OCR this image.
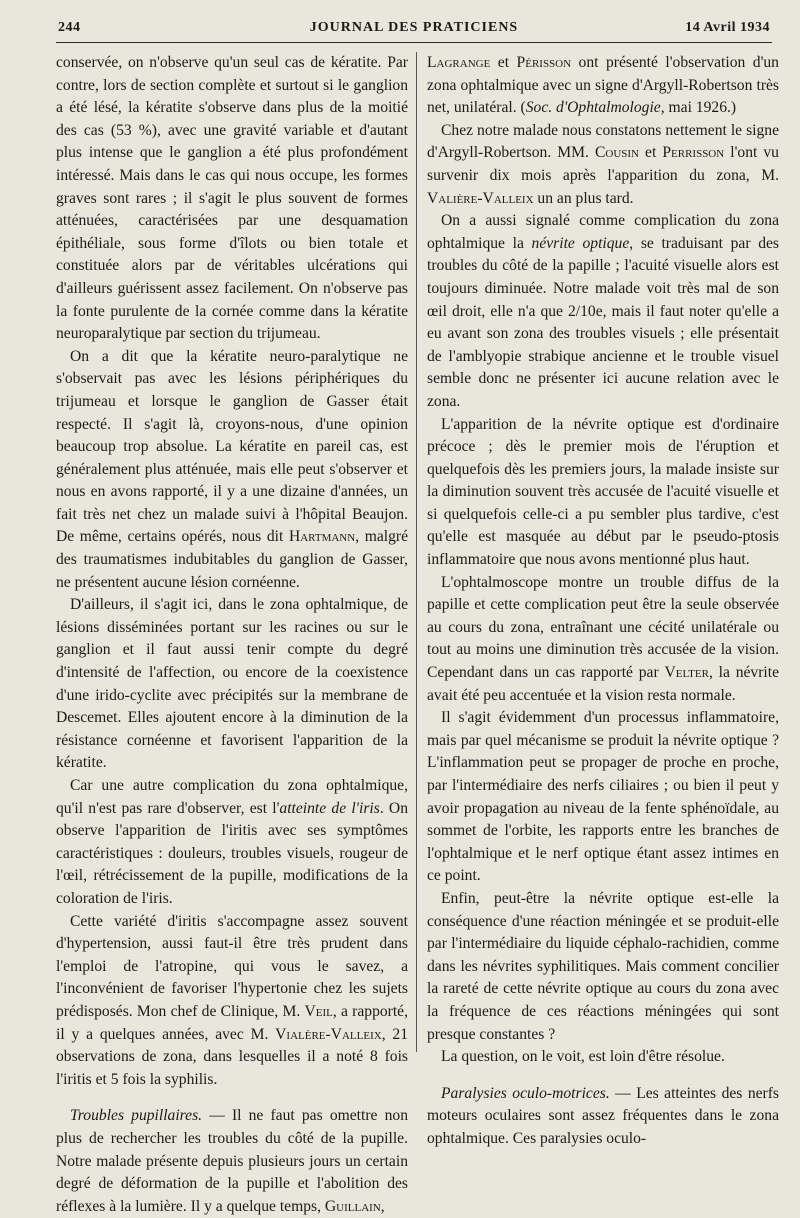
244	JOURNAL DES PRATICIENS	14 Avril 1934

conservée, on n'observe qu'un seul cas de kératite. Par contre, lors de section complète et surtout si le ganglion a été lésé, la kératite s'observe dans plus de la moitié des cas (53 %), avec une gravité variable et d'autant plus intense que le ganglion a été plus profondément intéressé. Mais dans le cas qui nous occupe, les formes graves sont rares ; il s'agit le plus souvent de formes atténuées, caractérisées par une desquamation épithéliale, sous forme d'îlots ou bien totale et constituée alors par de véritables ulcérations qui d'ailleurs guérissent assez facilement. On n'observe pas la fonte purulente de la cornée comme dans la kératite neuroparalytique par section du trijumeau.

On a dit que la kératite neuro-paralytique ne s'observait pas avec les lésions périphériques du trijumeau et lorsque le ganglion de Gasser était respecté. Il s'agit là, croyons-nous, d'une opinion beaucoup trop absolue. La kératite en pareil cas, est généralement plus atténuée, mais elle peut s'observer et nous en avons rapporté, il y a une dizaine d'années, un fait très net chez un malade suivi à l'hôpital Beaujon. De même, certains opérés, nous dit Hartmann, malgré des traumatismes indubitables du ganglion de Gasser, ne présentent aucune lésion cornéenne.

D'ailleurs, il s'agit ici, dans le zona ophtalmique, de lésions disséminées portant sur les racines ou sur le ganglion et il faut aussi tenir compte du degré d'intensité de l'affection, ou encore de la coexistence d'une irido-cyclite avec précipités sur la membrane de Descemet. Elles ajoutent encore à la diminution de la résistance cornéenne et favorisent l'apparition de la kératite.

Car une autre complication du zona ophtalmique, qu'il n'est pas rare d'observer, est l'atteinte de l'iris. On observe l'apparition de l'iritis avec ses symptômes caractéristiques : douleurs, troubles visuels, rougeur de l'œil, rétrécissement de la pupille, modifications de la coloration de l'iris.

Cette variété d'iritis s'accompagne assez souvent d'hypertension, aussi faut-il être très prudent dans l'emploi de l'atropine, qui vous le savez, a l'inconvénient de favoriser l'hypertonie chez les sujets prédisposés. Mon chef de Clinique, M. Veil, a rapporté, il y a quelques années, avec M. Vialère-Valleix, 21 observations de zona, dans lesquelles il a noté 8 fois l'iritis et 5 fois la syphilis.

Troubles pupillaires. — Il ne faut pas omettre non plus de rechercher les troubles du côté de la pupille. Notre malade présente depuis plusieurs jours un certain degré de déformation de la pupille et l'abolition des réflexes à la lumière. Il y a quelque temps, Guillain,

Lagrange et Périsson ont présenté l'observation d'un zona ophtalmique avec un signe d'Argyll-Robertson très net, unilatéral. (Soc. d'Ophtalmologie, mai 1926.)

Chez notre malade nous constatons nettement le signe d'Argyll-Robertson. MM. Cousin et Perrisson l'ont vu survenir dix mois après l'apparition du zona, M. Valière-Valleix un an plus tard.

On a aussi signalé comme complication du zona ophtalmique la névrite optique, se traduisant par des troubles du côté de la papille ; l'acuité visuelle alors est toujours diminuée. Notre malade voit très mal de son œil droit, elle n'a que 2/10e, mais il faut noter qu'elle a eu avant son zona des troubles visuels ; elle présentait de l'amblyopie strabique ancienne et le trouble visuel semble donc ne présenter ici aucune relation avec le zona.

L'apparition de la névrite optique est d'ordinaire précoce ; dès le premier mois de l'éruption et quelquefois dès les premiers jours, la malade insiste sur la diminution souvent très accusée de l'acuité visuelle et si quelquefois celle-ci a pu sembler plus tardive, c'est qu'elle est masquée au début par le pseudo-ptosis inflammatoire que nous avons mentionné plus haut.

L'ophtalmoscope montre un trouble diffus de la papille et cette complication peut être la seule observée au cours du zona, entraînant une cécité unilatérale ou tout au moins une diminution très accusée de la vision. Cependant dans un cas rapporté par Velter, la névrite avait été peu accentuée et la vision resta normale.

Il s'agit évidemment d'un processus inflammatoire, mais par quel mécanisme se produit la névrite optique ? L'inflammation peut se propager de proche en proche, par l'intermédiaire des nerfs ciliaires ; ou bien il peut y avoir propagation au niveau de la fente sphénoïdale, au sommet de l'orbite, les rapports entre les branches de l'ophtalmique et le nerf optique étant assez intimes en ce point.

Enfin, peut-être la névrite optique est-elle la conséquence d'une réaction méningée et se produit-elle par l'intermédiaire du liquide céphalo-rachidien, comme dans les névrites syphilitiques. Mais comment concilier la rareté de cette névrite optique au cours du zona avec la fréquence de ces réactions méningées qui sont presque constantes ?

La question, on le voit, est loin d'être résolue.

Paralysies oculo-motrices. — Les atteintes des nerfs moteurs oculaires sont assez fréquentes dans le zona ophtalmique. Ces paralysies oculo-
